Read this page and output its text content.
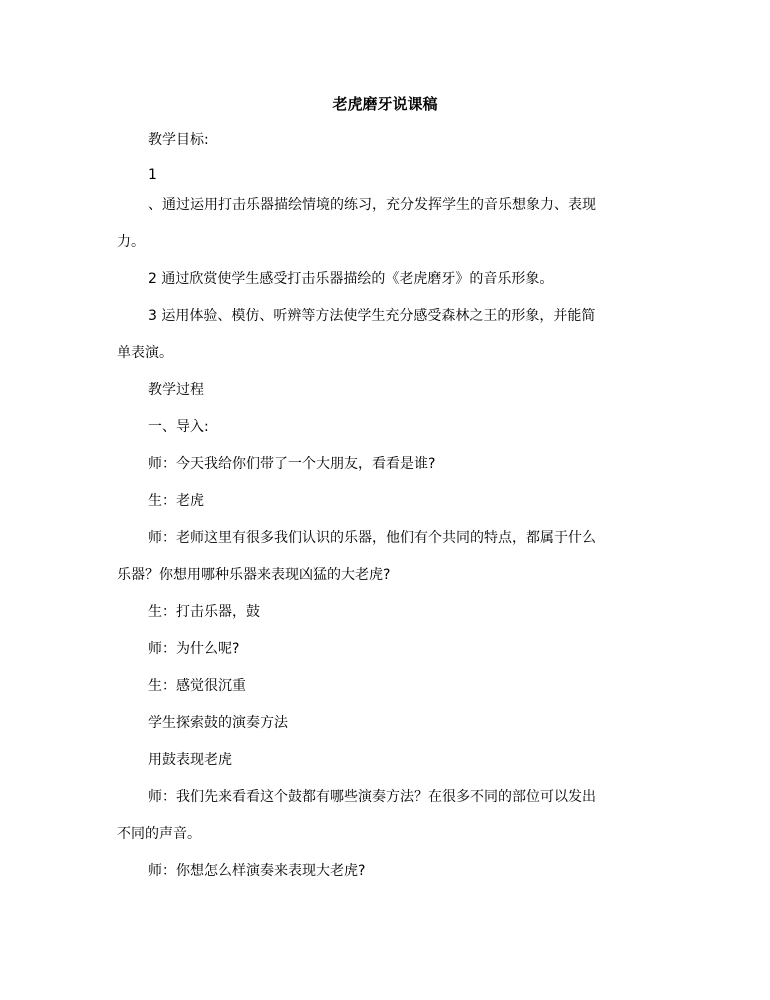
老虎磨牙说课稿
教学目标:
1
、通过运用打击乐器描绘情境的练习，充分发挥学生的音乐想象力、表现
力。
2 通过欣赏使学生感受打击乐器描绘的《老虎磨牙》的音乐形象。
3 运用体验、模仿、听辨等方法使学生充分感受森林之王的形象，并能简
单表演。
教学过程
一、导入:
师：今天我给你们带了一个大朋友，看看是谁?
生：老虎
师：老师这里有很多我们认识的乐器，他们有个共同的特点，都属于什么
乐器？你想用哪种乐器来表现凶猛的大老虎?
生：打击乐器，鼓
师：为什么呢?
生：感觉很沉重
学生探索鼓的演奏方法
用鼓表现老虎
师：我们先来看看这个鼓都有哪些演奏方法？在很多不同的部位可以发出
不同的声音。
师：你想怎么样演奏来表现大老虎?
